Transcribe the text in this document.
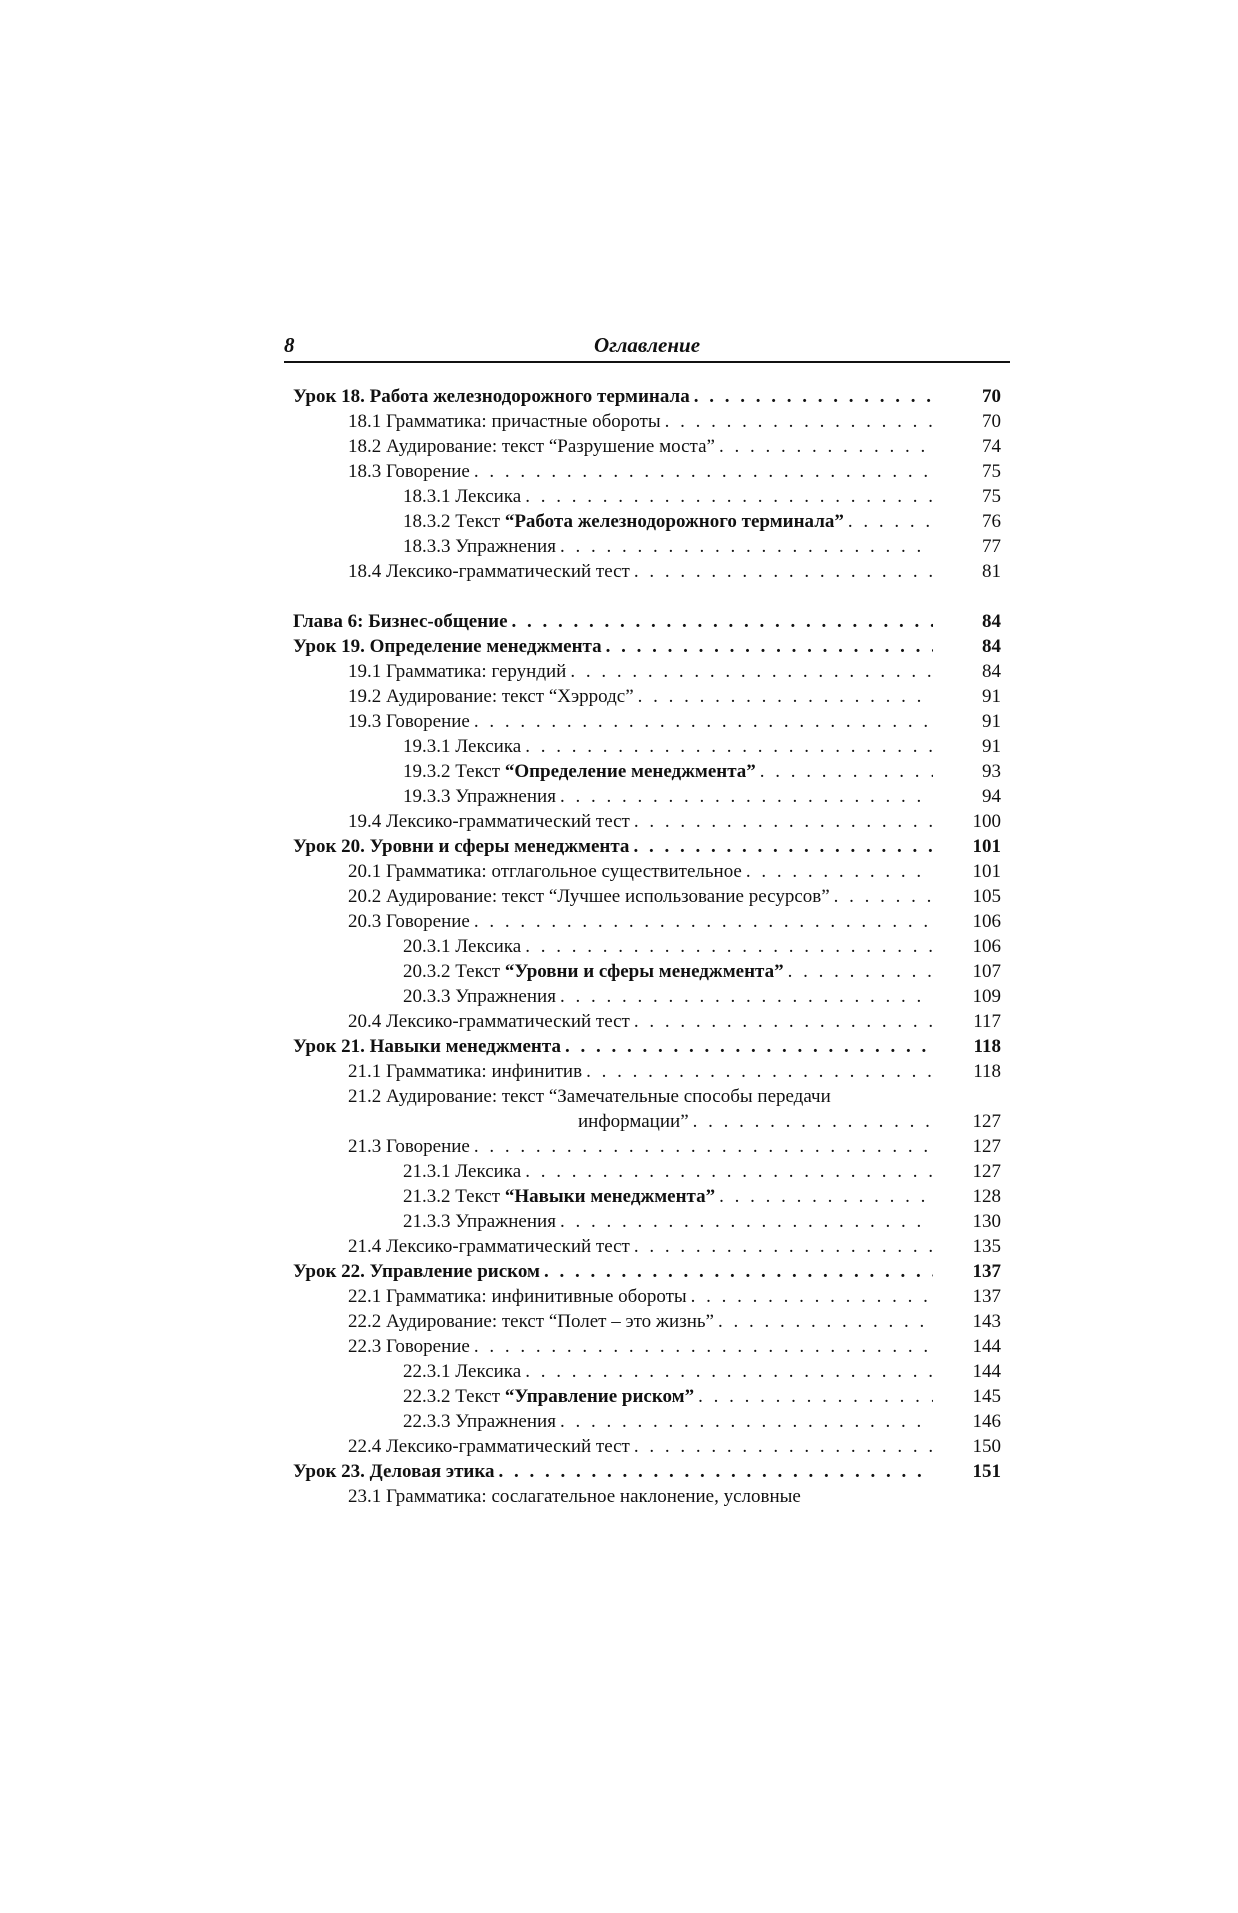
8	Оглавление
Урок 18. Работа железнодорожного терминала . . .	70
18.1 Грамматика: причастные обороты . . .	70
18.2 Аудирование: текст “Разрушение моста” . . .	74
18.3 Говорение . . .	75
18.3.1 Лексика . . .	75
18.3.2 Текст “Работа железнодорожного терминала” . . .	76
18.3.3 Упражнения . . .	77
18.4 Лексико-грамматический тест . . .	81
Глава 6: Бизнес-общение . . .	84
Урок 19. Определение менеджмента . . .	84
19.1 Грамматика: герундий . . .	84
19.2 Аудирование: текст “Хэрродс” . . .	91
19.3 Говорение . . .	91
19.3.1 Лексика . . .	91
19.3.2 Текст “Определение менеджмента” . . .	93
19.3.3 Упражнения . . .	94
19.4 Лексико-грамматический тест . . .	100
Урок 20. Уровни и сферы менеджмента . . .	101
20.1 Грамматика: отглагольное существительное . . .	101
20.2 Аудирование: текст “Лучшее использование ресурсов” . . .	105
20.3 Говорение . . .	106
20.3.1 Лексика . . .	106
20.3.2 Текст “Уровни и сферы менеджмента” . . .	107
20.3.3 Упражнения . . .	109
20.4 Лексико-грамматический тест . . .	117
Урок 21. Навыки менеджмента . . .	118
21.1 Грамматика: инфинитив . . .	118
21.2 Аудирование: текст “Замечательные способы передачи
информации” . . .	127
21.3 Говорение . . .	127
21.3.1 Лексика . . .	127
21.3.2 Текст “Навыки менеджмента” . . .	128
21.3.3 Упражнения . . .	130
21.4 Лексико-грамматический тест . . .	135
Урок 22. Управление риском . . .	137
22.1 Грамматика: инфинитивные обороты . . .	137
22.2 Аудирование: текст “Полет – это жизнь” . . .	143
22.3 Говорение . . .	144
22.3.1 Лексика . . .	144
22.3.2 Текст “Управление риском” . . .	145
22.3.3 Упражнения . . .	146
22.4 Лексико-грамматический тест . . .	150
Урок 23. Деловая этика . . .	151
23.1 Грамматика: сослагательное наклонение, условные
